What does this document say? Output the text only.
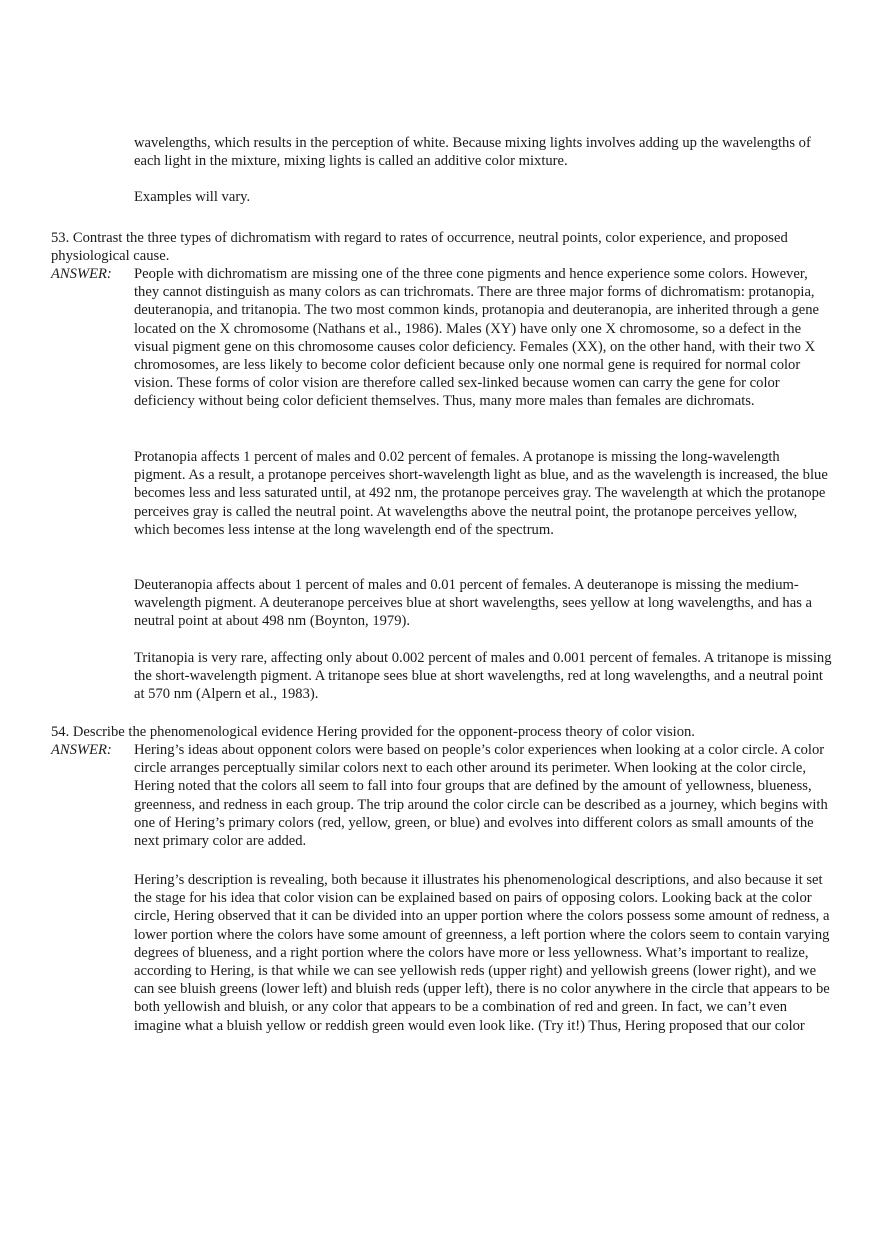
wavelengths, which results in the perception of white. Because mixing lights involves adding up the wavelengths of each light in the mixture, mixing lights is called an additive color mixture.

Examples will vary.

53. Contrast the three types of dichromatism with regard to rates of occurrence, neutral points, color experience, and proposed physiological cause.

ANSWER: People with dichromatism are missing one of the three cone pigments and hence experience some colors. However, they cannot distinguish as many colors as can trichromats. There are three major forms of dichromatism: protanopia, deuteranopia, and tritanopia. The two most common kinds, protanopia and deuteranopia, are inherited through a gene located on the X chromosome (Nathans et al., 1986). Males (XY) have only one X chromosome, so a defect in the visual pigment gene on this chromosome causes color deficiency. Females (XX), on the other hand, with their two X chromosomes, are less likely to become color deficient because only one normal gene is required for normal color vision. These forms of color vision are therefore called sex-linked because women can carry the gene for color deficiency without being color deficient themselves. Thus, many more males than females are dichromats.

Protanopia affects 1 percent of males and 0.02 percent of females. A protanope is missing the long-wavelength pigment. As a result, a protanope perceives short-wavelength light as blue, and as the wavelength is increased, the blue becomes less and less saturated until, at 492 nm, the protanope perceives gray. The wavelength at which the protanope perceives gray is called the neutral point. At wavelengths above the neutral point, the protanope perceives yellow, which becomes less intense at the long wavelength end of the spectrum.

Deuteranopia affects about 1 percent of males and 0.01 percent of females. A deuteranope is missing the medium-wavelength pigment. A deuteranope perceives blue at short wavelengths, sees yellow at long wavelengths, and has a neutral point at about 498 nm (Boynton, 1979).

Tritanopia is very rare, affecting only about 0.002 percent of males and 0.001 percent of females. A tritanope is missing the short-wavelength pigment. A tritanope sees blue at short wavelengths, red at long wavelengths, and a neutral point at 570 nm (Alpern et al., 1983).

54. Describe the phenomenological evidence Hering provided for the opponent-process theory of color vision.

ANSWER: Hering’s ideas about opponent colors were based on people’s color experiences when looking at a color circle. A color circle arranges perceptually similar colors next to each other around its perimeter. When looking at the color circle, Hering noted that the colors all seem to fall into four groups that are defined by the amount of yellowness, blueness, greenness, and redness in each group. The trip around the color circle can be described as a journey, which begins with one of Hering’s primary colors (red, yellow, green, or blue) and evolves into different colors as small amounts of the next primary color are added.

Hering’s description is revealing, both because it illustrates his phenomenological descriptions, and also because it set the stage for his idea that color vision can be explained based on pairs of opposing colors. Looking back at the color circle, Hering observed that it can be divided into an upper portion where the colors possess some amount of redness, a lower portion where the colors have some amount of greenness, a left portion where the colors seem to contain varying degrees of blueness, and a right portion where the colors have more or less yellowness. What’s important to realize, according to Hering, is that while we can see yellowish reds (upper right) and yellowish greens (lower right), and we can see bluish greens (lower left) and bluish reds (upper left), there is no color anywhere in the circle that appears to be both yellowish and bluish, or any color that appears to be a combination of red and green. In fact, we can’t even imagine what a bluish yellow or reddish green would even look like. (Try it!) Thus, Hering proposed that our color
